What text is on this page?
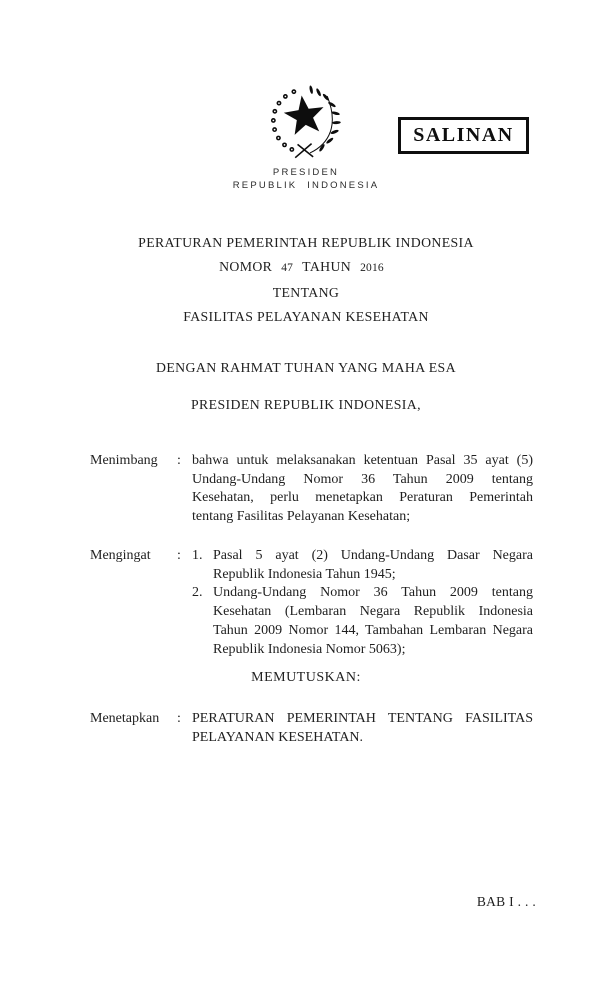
SALINAN
PRESIDEN
REPUBLIK INDONESIA
PERATURAN PEMERINTAH REPUBLIK INDONESIA
NOMOR 47 TAHUN 2016
TENTANG
FASILITAS PELAYANAN KESEHATAN
DENGAN RAHMAT TUHAN YANG MAHA ESA
PRESIDEN REPUBLIK INDONESIA,
Menimbang	: bahwa untuk melaksanakan ketentuan Pasal 35 ayat (5)
Undang-Undang Nomor 36 Tahun 2009 tentang
Kesehatan, perlu menetapkan Peraturan Pemerintah
tentang Fasilitas Pelayanan Kesehatan;
Mengingat	: 1. Pasal 5 ayat (2) Undang-Undang Dasar Negara
Republik Indonesia Tahun 1945;
2. Undang-Undang Nomor 36 Tahun 2009 tentang
Kesehatan (Lembaran Negara Republik Indonesia
Tahun 2009 Nomor 144, Tambahan Lembaran Negara
Republik Indonesia Nomor 5063);
MEMUTUSKAN:
Menetapkan	: PERATURAN PEMERINTAH TENTANG FASILITAS
PELAYANAN KESEHATAN.
BAB I . . .
